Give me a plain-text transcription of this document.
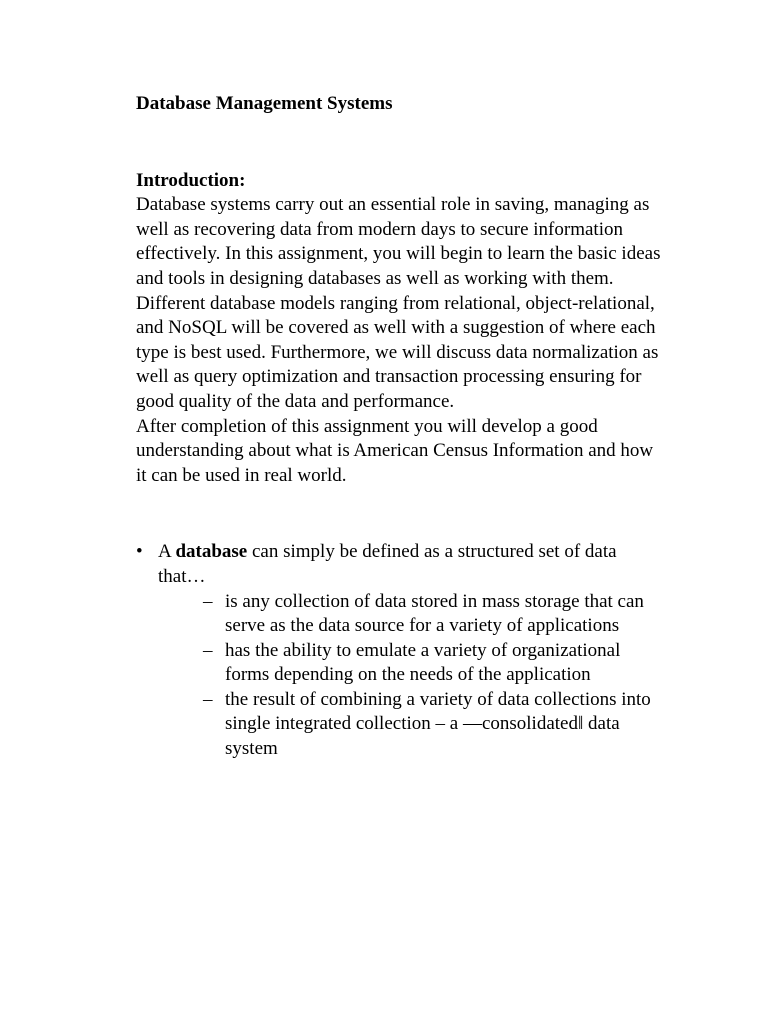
Database Management Systems

Introduction:

Database systems carry out an essential role in saving, managing as well as recovering data from modern days to secure information effectively. In this assignment, you will begin to learn the basic ideas and tools in designing databases as well as working with them.

Different database models ranging from relational, object-relational, and NoSQL will be covered as well with a suggestion of where each type is best used. Furthermore, we will discuss data normalization as well as query optimization and transaction processing ensuring for good quality of the data and performance.

After completion of this assignment you will develop a good understanding about what is American Census Information and how it can be used in real world.

• A database can simply be defined as a structured set of data that…
– is any collection of data stored in mass storage that can serve as the data source for a variety of applications
– has the ability to emulate a variety of organizational forms depending on the needs of the application
– the result of combining a variety of data collections into single integrated collection – a ―consolidated‖ data system
